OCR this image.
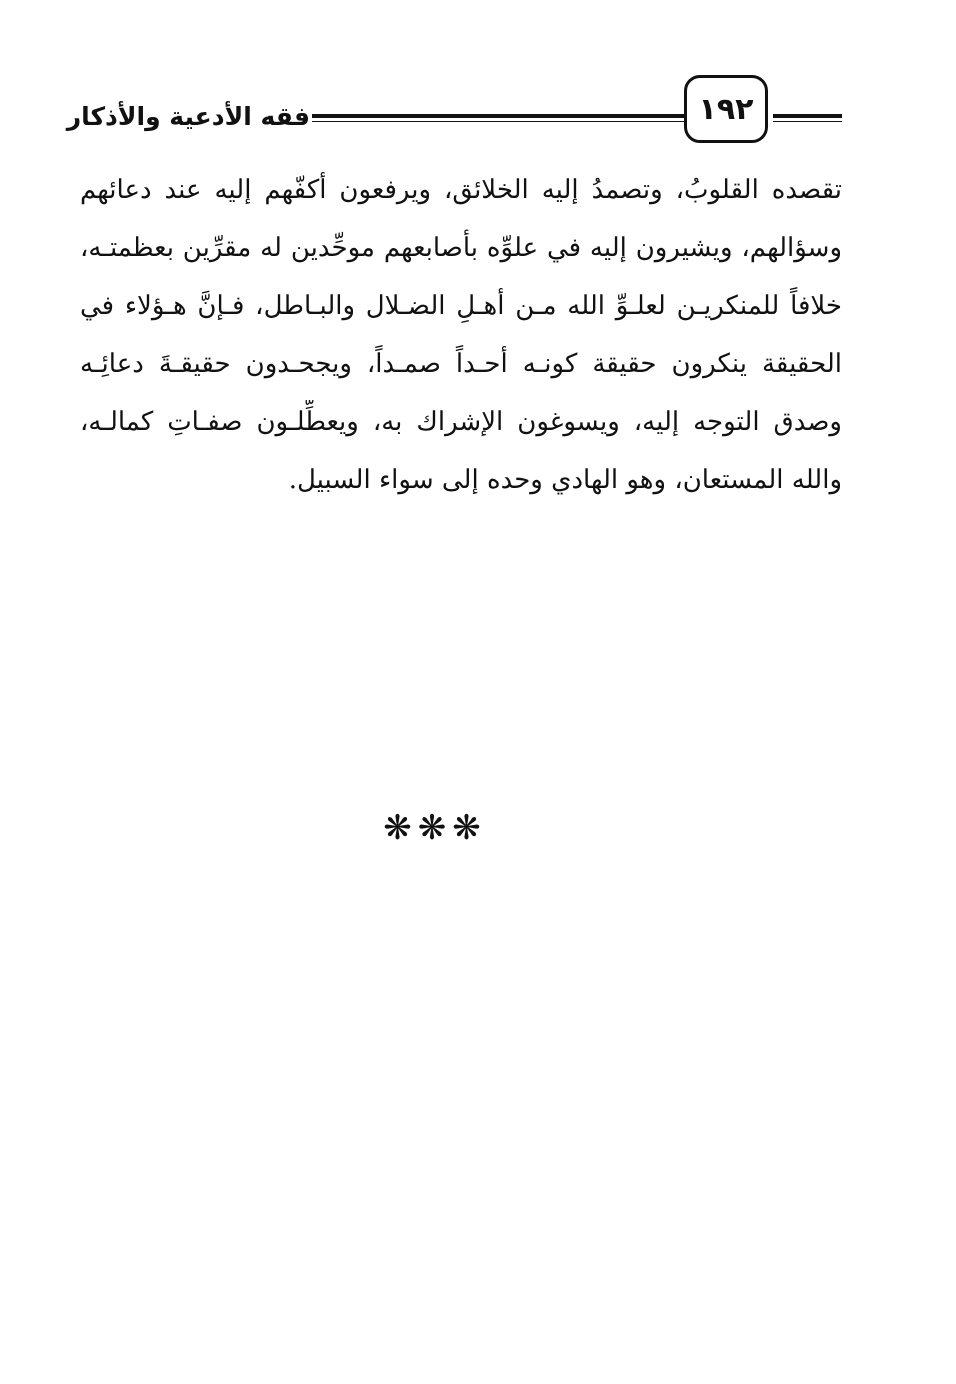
فقه الأدعية والأذكار	١٩٢
تقصده القلوبُ، وتصمدُ إليه الخلائق، ويرفعون أكفّهم إليه عند دعائهم
وسؤالهم، ويشيرون إليه في علوِّه بأصابعهم موحِّدين له مقرِّين بعظمتـه،
خلافاً للمنكريـن لعلـوِّ الله مـن أهـلِ الضـلال والبـاطل، فـإنَّ هـؤلاء في
الحقيقة ينكرون حقيقة كونـه أحـداً صمـداً، ويجحـدون حقيقـةَ دعائِـه
وصدق التوجه إليه، ويسوغون الإشراك به، ويعطِّلـون صفـاتِ كمالـه،
والله المستعان، وهو الهادي وحده إلى سواء السبيل.
❋❋❋
